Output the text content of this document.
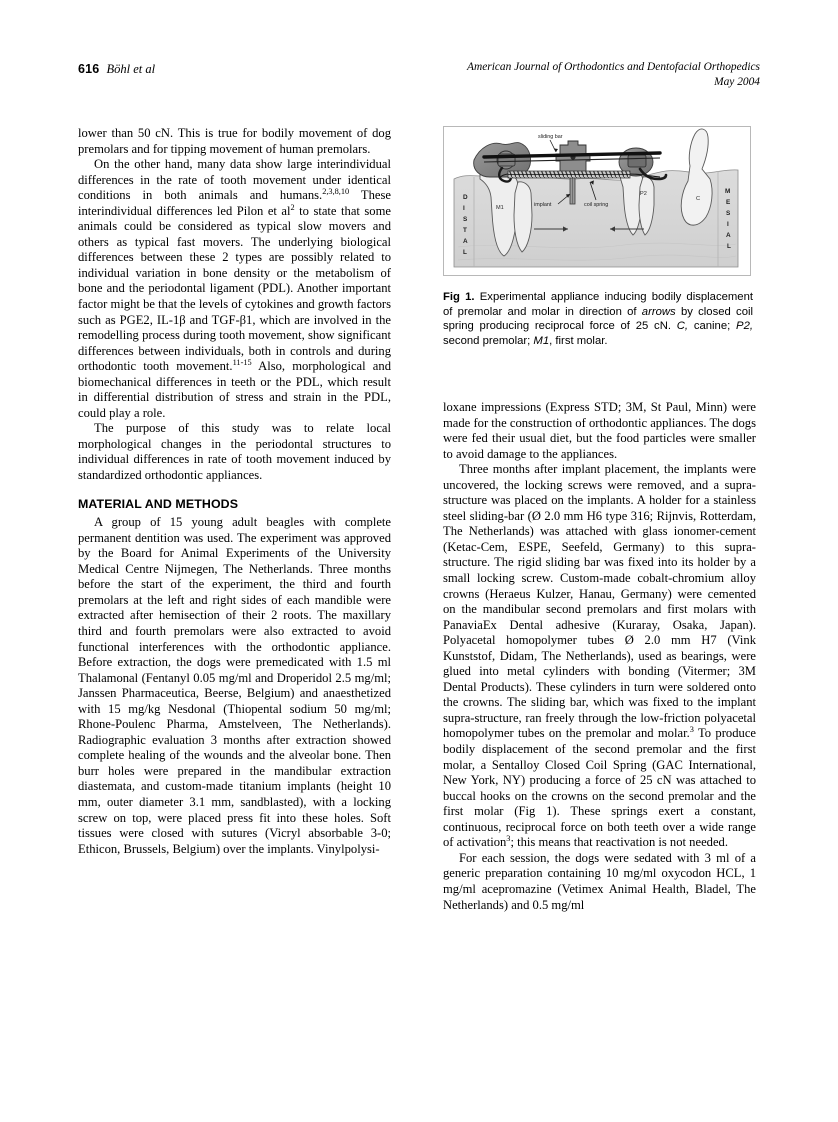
616 Böhl et al	American Journal of Orthodontics and Dentofacial Orthopedics
May 2004

lower than 50 cN. This is true for bodily movement of dog premolars and for tipping movement of human premolars.

On the other hand, many data show large interindividual differences in the rate of tooth movement under identical conditions in both animals and humans.$^{2,3,8,10}$ These interindividual differences led Pilon et $al^2$ to state that some animals could be considered as typical slow movers and others as typical fast movers. The underlying biological differences between these 2 types are possibly related to individual variation in bone density or the metabolism of bone and the periodontal ligament (PDL). Another important factor might be that the levels of cytokines and growth factors such as PGE2, IL-1β and TGF-β1, which are involved in the remodelling process during tooth movement, show significant differences between individuals, both in controls and during orthodontic tooth movement.$^{11-15}$ Also, morphological and biomechanical differences in teeth or the PDL, which result in differential distribution of stress and strain in the PDL, could play a role.

The purpose of this study was to relate local morphological changes in the periodontal structures to individual differences in rate of tooth movement induced by standardized orthodontic appliances.

MATERIAL AND METHODS

A group of 15 young adult beagles with complete permanent dentition was used. The experiment was approved by the Board for Animal Experiments of the University Medical Centre Nijmegen, The Netherlands. Three months before the start of the experiment, the third and fourth premolars at the left and right sides of each mandible were extracted after hemisection of their 2 roots. The maxillary third and fourth premolars were also extracted to avoid functional interferences with the orthodontic appliance. Before extraction, the dogs were premedicated with 1.5 ml Thalamonal (Fentanyl 0.05 mg/ml and Droperidol 2.5 mg/ml; Janssen Pharmaceutica, Beerse, Belgium) and anaesthetized with 15 mg/kg Nesdonal (Thiopental sodium 50 mg/ml; Rhone-Poulenc Pharma, Amstelveen, The Netherlands). Radiographic evaluation 3 months after extraction showed complete healing of the wounds and the alveolar bone. Then burr holes were prepared in the mandibular extraction diastemata, and custom-made titanium implants (height 10 mm, outer diameter 3.1 mm, sandblasted), with a locking screw on top, were placed press fit into these holes. Soft tissues were closed with sutures (Vicryl absorbable 3-0; Ethicon, Brussels, Belgium) over the implants. Vinylpolysi-

M1
P2
C
sliding bar
implant	coil spring
D
I
S
T
A
L
M
E
S
I
A
L
Fig 1. Experimental appliance inducing bodily displacement of premolar and molar in direction of arrows by closed coil spring producing reciprocal force of 25 cN. C, canine; P2, second premolar; M1, first molar.

loxane impressions (Express STD; 3M, St Paul, Minn) were made for the construction of orthodontic appliances. The dogs were fed their usual diet, but the food particles were smaller to avoid damage to the appliances.

Three months after implant placement, the implants were uncovered, the locking screws were removed, and a supra-structure was placed on the implants. A holder for a stainless steel sliding-bar (Ø 2.0 mm H6 type 316; Rijnvis, Rotterdam, The Netherlands) was attached with glass ionomer-cement (Ketac-Cem, ESPE, Seefeld, Germany) to this supra-structure. The rigid sliding bar was fixed into its holder by a small locking screw. Custom-made cobalt-chromium alloy crowns (Heraeus Kulzer, Hanau, Germany) were cemented on the mandibular second premolars and first molars with PanaviaEx Dental adhesive (Kuraray, Osaka, Japan). Polyacetal homopolymer tubes Ø 2.0 mm H7 (Vink Kunststof, Didam, The Netherlands), used as bearings, were glued into metal cylinders with bonding (Vitermer; 3M Dental Products). These cylinders in turn were soldered onto the crowns. The sliding bar, which was fixed to the implant supra-structure, ran freely through the low-friction polyacetal homopolymer tubes on the premolar and molar.$^3$ To produce bodily displacement of the second premolar and the first molar, a Sentalloy Closed Coil Spring (GAC International, New York, NY) producing a force of 25 cN was attached to buccal hooks on the crowns on the second premolar and the first molar (Fig 1). These springs exert a constant, continuous, reciprocal force on both teeth over a wide range of activation$^3$; this means that reactivation is not needed.

For each session, the dogs were sedated with 3 ml of a generic preparation containing 10 mg/ml oxycodon HCL, 1 mg/ml acepromazine (Vetimex Animal Health, Bladel, The Netherlands) and 0.5 mg/ml
